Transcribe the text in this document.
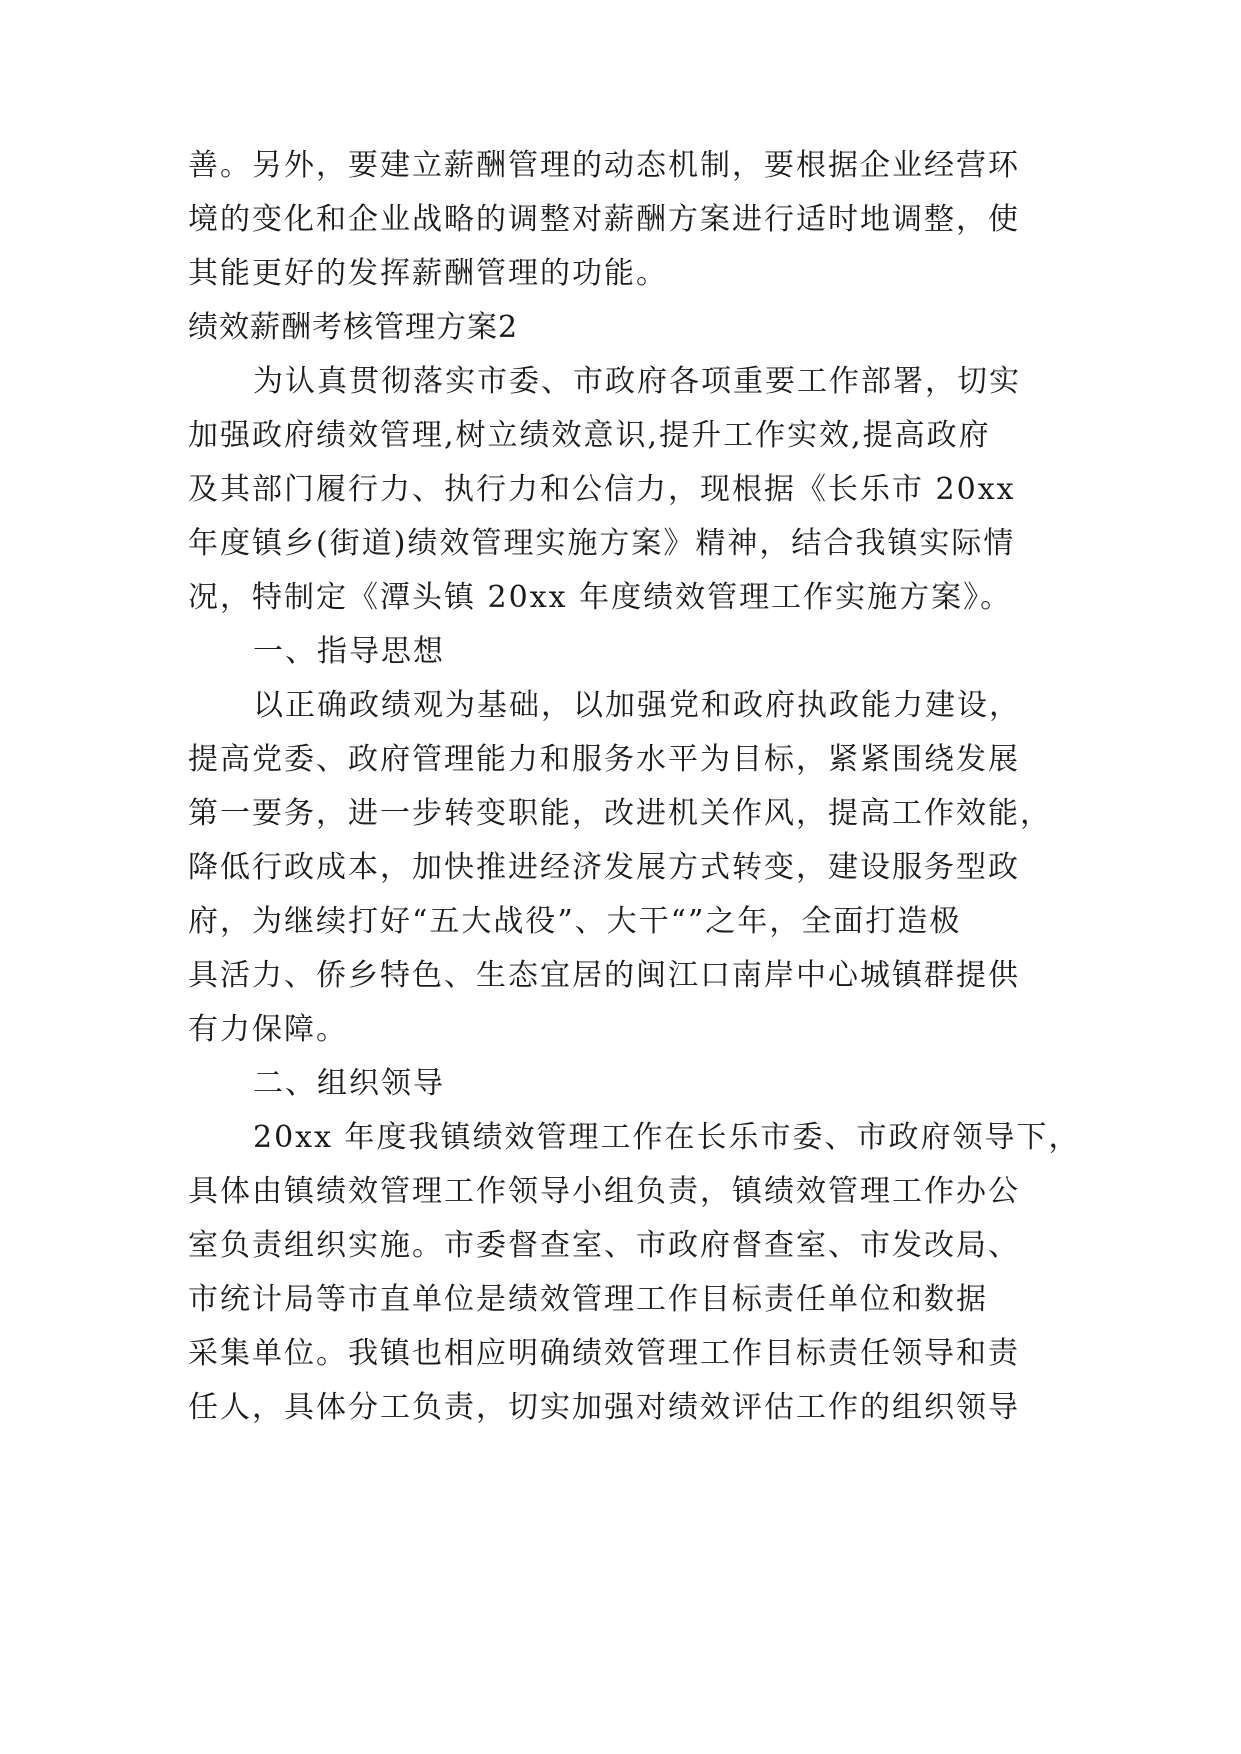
善。另外，要建立薪酬管理的动态机制，要根据企业经营环
境的变化和企业战略的调整对薪酬方案进行适时地调整，使
其能更好的发挥薪酬管理的功能。
绩效薪酬考核管理方案2
为认真贯彻落实市委、市政府各项重要工作部署，切实
加强政府绩效管理,树立绩效意识,提升工作实效,提高政府
及其部门履行力、执行力和公信力，现根据《长乐市 20xx
年度镇乡(街道)绩效管理实施方案》精神，结合我镇实际情
况，特制定《潭头镇 20xx 年度绩效管理工作实施方案》。
一、指导思想
以正确政绩观为基础，以加强党和政府执政能力建设，
提高党委、政府管理能力和服务水平为目标，紧紧围绕发展
第一要务，进一步转变职能，改进机关作风，提高工作效能，
降低行政成本，加快推进经济发展方式转变，建设服务型政
府，为继续打好“五大战役”、大干“”之年，全面打造极
具活力、侨乡特色、生态宜居的闽江口南岸中心城镇群提供
有力保障。
二、组织领导
20xx 年度我镇绩效管理工作在长乐市委、市政府领导下，
具体由镇绩效管理工作领导小组负责，镇绩效管理工作办公
室负责组织实施。市委督查室、市政府督查室、市发改局、
市统计局等市直单位是绩效管理工作目标责任单位和数据
采集单位。我镇也相应明确绩效管理工作目标责任领导和责
任人，具体分工负责，切实加强对绩效评估工作的组织领导
